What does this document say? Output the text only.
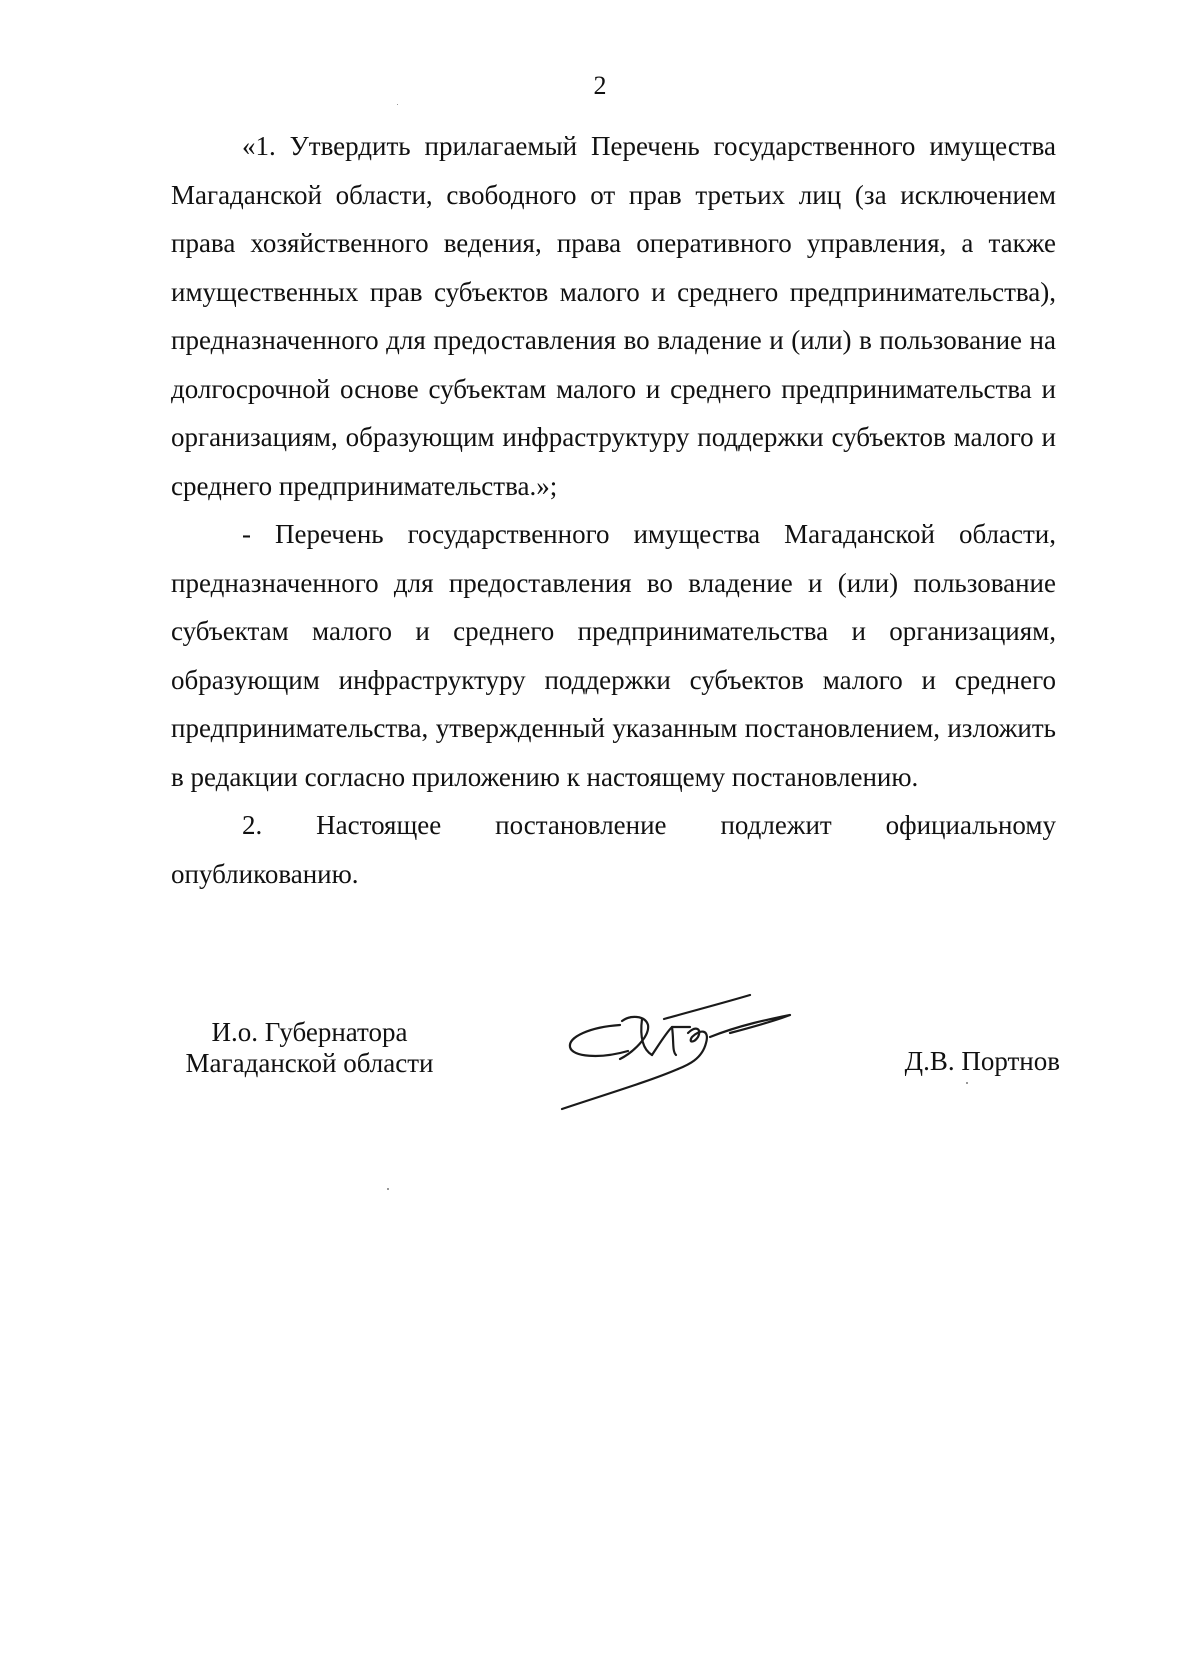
2

«1. Утвердить прилагаемый Перечень государственного имущества Магаданской области, свободного от прав третьих лиц (за исключением права хозяйственного ведения, права оперативного управления, а также имущественных прав субъектов малого и среднего предпринимательства), предназначенного для предоставления во владение и (или) в пользование на долгосрочной основе субъектам малого и среднего предпринимательства и организациям, образующим инфраструктуру поддержки субъектов малого и среднего предпринимательства.»;

- Перечень государственного имущества Магаданской области, предназначенного для предоставления во владение и (или) пользование субъектам малого и среднего предпринимательства и организациям, образующим инфраструктуру поддержки субъектов малого и среднего предпринимательства, утвержденный указанным постановлением, изложить в редакции согласно приложению к настоящему постановлению.

2. Настоящее постановление подлежит официальному опубликованию.

И.о. Губернатора
Магаданской области	Д.В. Портнов
